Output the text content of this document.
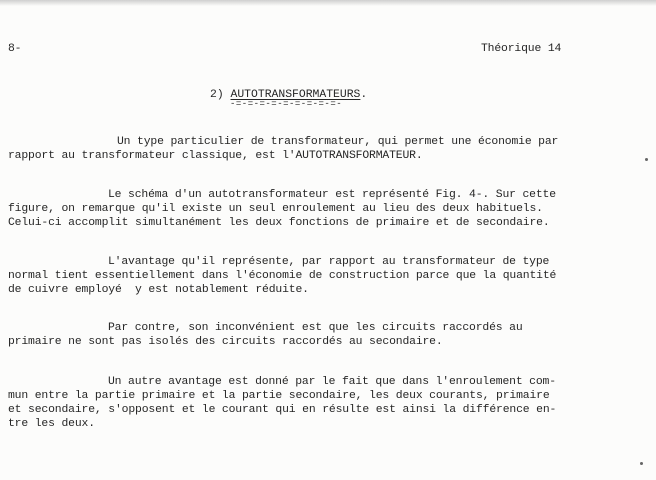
8-	Théorique 14
2) AUTOTRANSFORMATEURS.
-=-=-=-=-=-=-=-=-=-
Un type particulier de transformateur, qui permet une économie par
rapport au transformateur classique, est l'AUTOTRANSFORMATEUR.
Le schéma d'un autotransformateur est représenté Fig. 4-. Sur cette
figure, on remarque qu'il existe un seul enroulement au lieu des deux habituels.
Celui-ci accomplit simultanément les deux fonctions de primaire et de secondaire.
L'avantage qu'il représente, par rapport au transformateur de type
normal tient essentiellement dans l'économie de construction parce que la quantité
de cuivre employé  y est notablement réduite.
Par contre, son inconvénient est que les circuits raccordés au
primaire ne sont pas isolés des circuits raccordés au secondaire.
Un autre avantage est donné par le fait que dans l'enroulement com-
mun entre la partie primaire et la partie secondaire, les deux courants, primaire
et secondaire, s'opposent et le courant qui en résulte est ainsi la différence en-
tre les deux.
